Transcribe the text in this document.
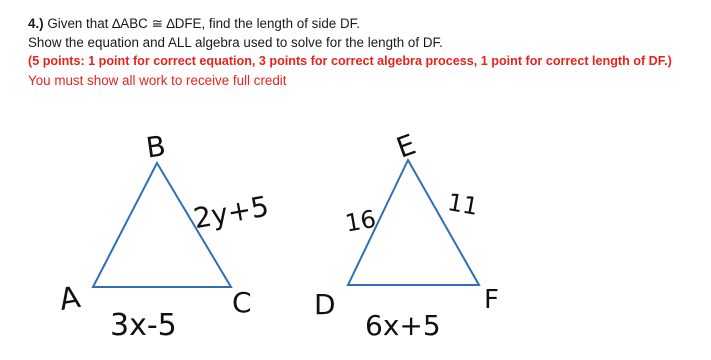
4.) Given that ∆ABC ≅ ∆DFE, find the length of side DF.
Show the equation and ALL algebra used to solve for the length of DF.
(5 points: 1 point for correct equation, 3 points for correct algebra process, 1 point for correct length of DF.)
You must show all work to receive full credit
B
A	C
2y+5
3x-5
E
D	F
16
11
6x+5
